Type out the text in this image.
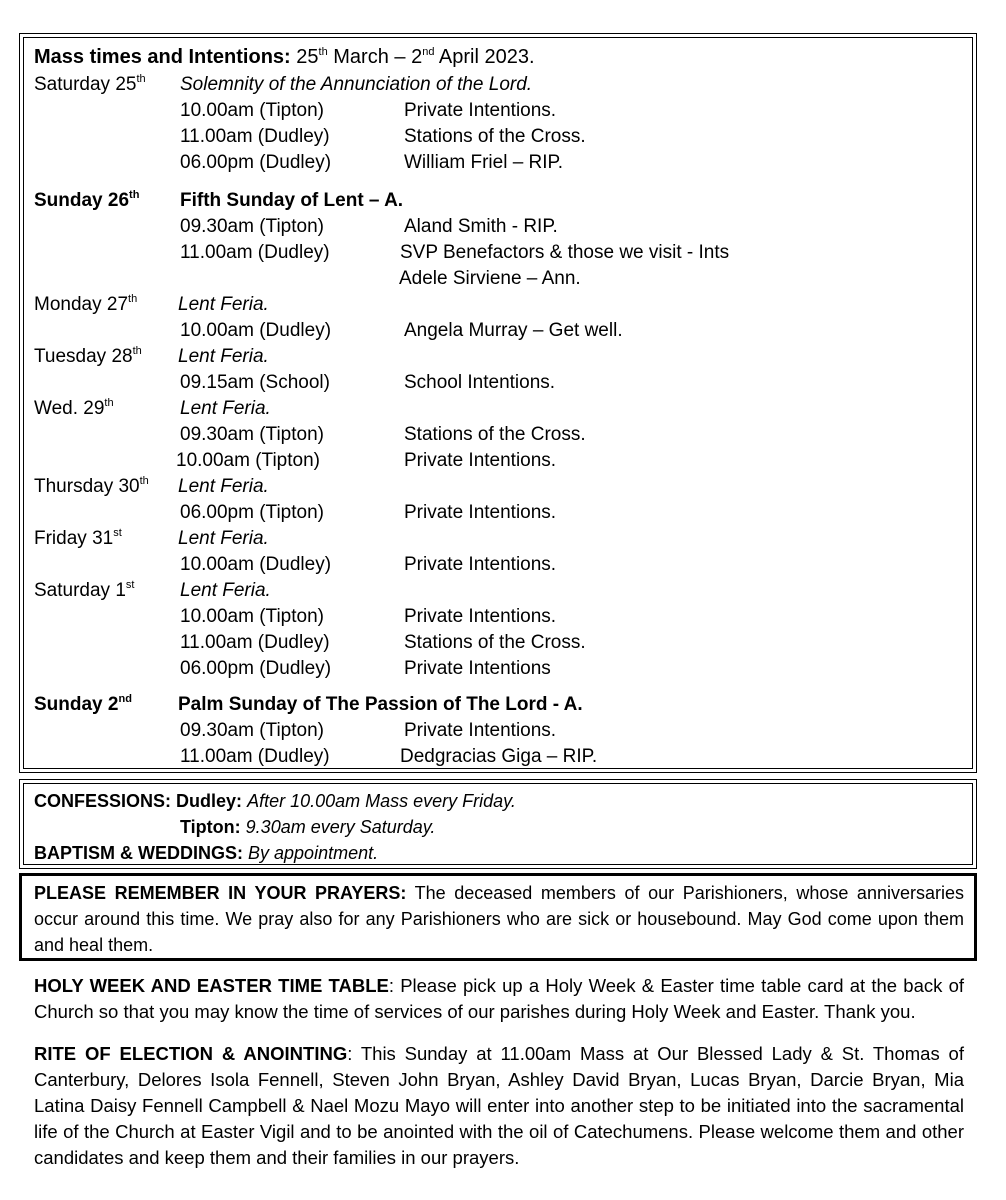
Mass times and Intentions: 25th March – 2nd April 2023.
Saturday 25th Solemnity of the Annunciation of the Lord.
10.00am (Tipton)	Private Intentions.
11.00am (Dudley)	Stations of the Cross.
06.00pm (Dudley)	William Friel – RIP.
Sunday 26th Fifth Sunday of Lent – A.
09.30am (Tipton)	Aland Smith - RIP.
11.00am (Dudley)	SVP Benefactors & those we visit - Ints
Adele Sirviene – Ann.
Monday 27th Lent Feria.
10.00am (Dudley)	Angela Murray – Get well.
Tuesday 28th Lent Feria.
09.15am (School)	School Intentions.
Wed. 29th	Lent Feria.
09.30am (Tipton)	Stations of the Cross.
10.00am (Tipton)	Private Intentions.
Thursday 30th Lent Feria.
06.00pm (Tipton)	Private Intentions.
Friday 31st	Lent Feria.
10.00am (Dudley)	Private Intentions.
Saturday 1st Lent Feria.
10.00am (Tipton)	Private Intentions.
11.00am (Dudley)	Stations of the Cross.
06.00pm (Dudley)	Private Intentions
Sunday 2nd Palm Sunday of The Passion of The Lord - A.
09.30am (Tipton)	Private Intentions.
11.00am (Dudley)	Dedgracias Giga – RIP.
CONFESSIONS: Dudley: After 10.00am Mass every Friday.
Tipton: 9.30am every Saturday.
BAPTISM & WEDDINGS: By appointment.
PLEASE REMEMBER IN YOUR PRAYERS: The deceased members of our Parishioners, whose anniversaries occur around this time. We pray also for any Parishioners who are sick or housebound. May God come upon them and heal them.
HOLY WEEK AND EASTER TIME TABLE: Please pick up a Holy Week & Easter time table card at the back of Church so that you may know the time of services of our parishes during Holy Week and Easter. Thank you.
RITE OF ELECTION & ANOINTING: This Sunday at 11.00am Mass at Our Blessed Lady & St. Thomas of Canterbury, Delores Isola Fennell, Steven John Bryan, Ashley David Bryan, Lucas Bryan, Darcie Bryan, Mia Latina Daisy Fennell Campbell & Nael Mozu Mayo will enter into another step to be initiated into the sacramental life of the Church at Easter Vigil and to be anointed with the oil of Catechumens. Please welcome them and other candidates and keep them and their families in our prayers.
